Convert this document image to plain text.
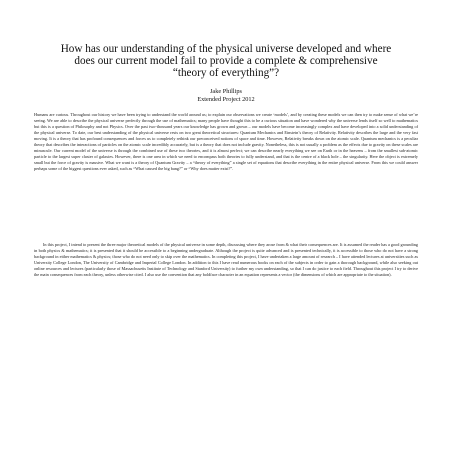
How has our understanding of the physical universe developed and where does our current model fail to provide a complete & comprehensive “theory of everything”?

Jake Phillips

Extended Project 2012

Humans are curious. Throughout our history we have been trying to understand the world around us; to explain our observations we create ‘models’, and by creating these models we can then try to make sense of what we’re seeing. We are able to describe the physical universe perfectly through the use of mathematics; many people have thought this to be a curious situation and have wondered why the universe lends itself so well to mathematics but this is a question of Philosophy and not Physics. Over the past two-thousand years our knowledge has grown and grown – our models have become increasingly complex and have developed into a solid understanding of the physical universe. To date, our best understanding of the physical universe rests on two great theoretical structures: Quantum Mechanics and Einstein’s theory of Relativity. Relativity describes the large and the very fast moving. It is a theory that has profound consequences and forces us to completely rethink our preconceived notions of space and time. However, Relativity breaks down on the atomic scale. Quantum mechanics is a peculiar theory that describes the interactions of particles on the atomic scale incredibly accurately, but is a theory that does not include gravity. Nonetheless, this is not usually a problem as the effects due to gravity on these scales are minuscule. Our current model of the universe is through the combined use of these two theories, and it is almost perfect; we can describe nearly everything we see on Earth or in the heavens – from the smallest sub-atomic particle to the largest super cluster of galaxies. However, there is one area in which we need to encompass both theories to fully understand, and that is the centre of a black hole – the singularity. Here the object is extremely small but the force of gravity is massive. What we want is a theory of Quantum Gravity – a “theory of everything” a single set of equations that describe everything in the entire physical universe. From this we could answer perhaps some of the biggest questions ever asked, such as “What caused the big bang?” or “Why does matter exist?”.

In this project, I intend to present the three major theoretical models of the physical universe in some depth, discussing where they arose from & what their consequences are. It is assumed the reader has a good grounding in both physics & mathematics; it is presented that it should be accessible to a beginning undergraduate. Although the project is quite advanced and is presented technically, it is accessible to those who do not have a strong background in either mathematics & physics; those who do not need only to skip over the mathematics. In completing this project, I have undertaken a large amount of research – I have attended lectures at universities such as University College London, The University of Cambridge and Imperial College London. In addition to this I have read numerous books on each of the subjects in order to gain a thorough background, while also seeking out online resources and lectures (particularly those of Massachusetts Institute of Technology and Stanford University) to further my own understanding, so that I can do justice to each field. Throughout this project I try to derive the main consequences from each theory, unless otherwise cited. I also use the convention that any boldface character in an equation represents a vector (the dimensions of which are appropriate to the situation).
